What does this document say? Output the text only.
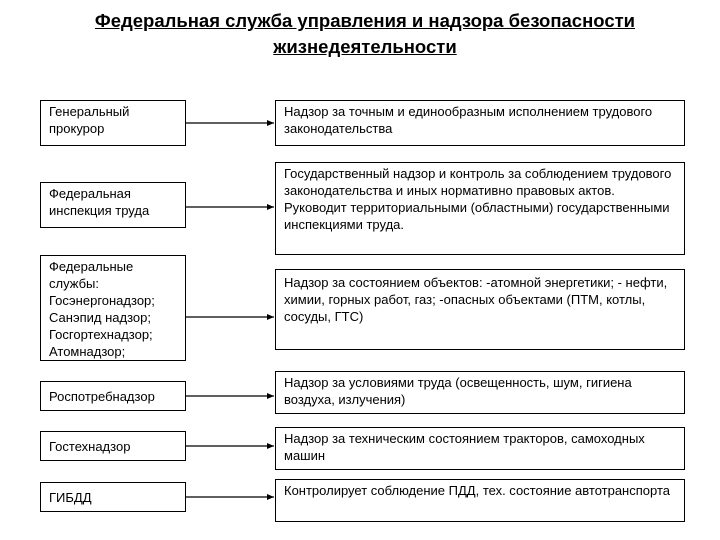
Федеральная служба управления и надзора безопасности жизнедеятельности
Генеральный прокурор
Надзор за точным и единообразным исполнением трудового законодательства
Федеральная инспекция труда
Государственный надзор и контроль за соблюдением трудового законодательства и иных нормативно правовых актов. Руководит территориальными (областными) государственными инспекциями труда.
Федеральные службы: Госэнергонадзор; Санэпид надзор; Госгортехнадзор; Атомнадзор;
Надзор за состоянием объектов: -атомной энергетики; - нефти, химии, горных работ, газ; -опасных объектами (ПТМ, котлы, сосуды, ГТС)
Роспотребнадзор
Надзор за условиями труда (освещенность, шум, гигиена воздуха, излучения)
Гостехнадзор
Надзор за техническим состоянием тракторов, самоходных машин
ГИБДД	Контролирует соблюдение ПДД, тех. состояние автотранспорта
